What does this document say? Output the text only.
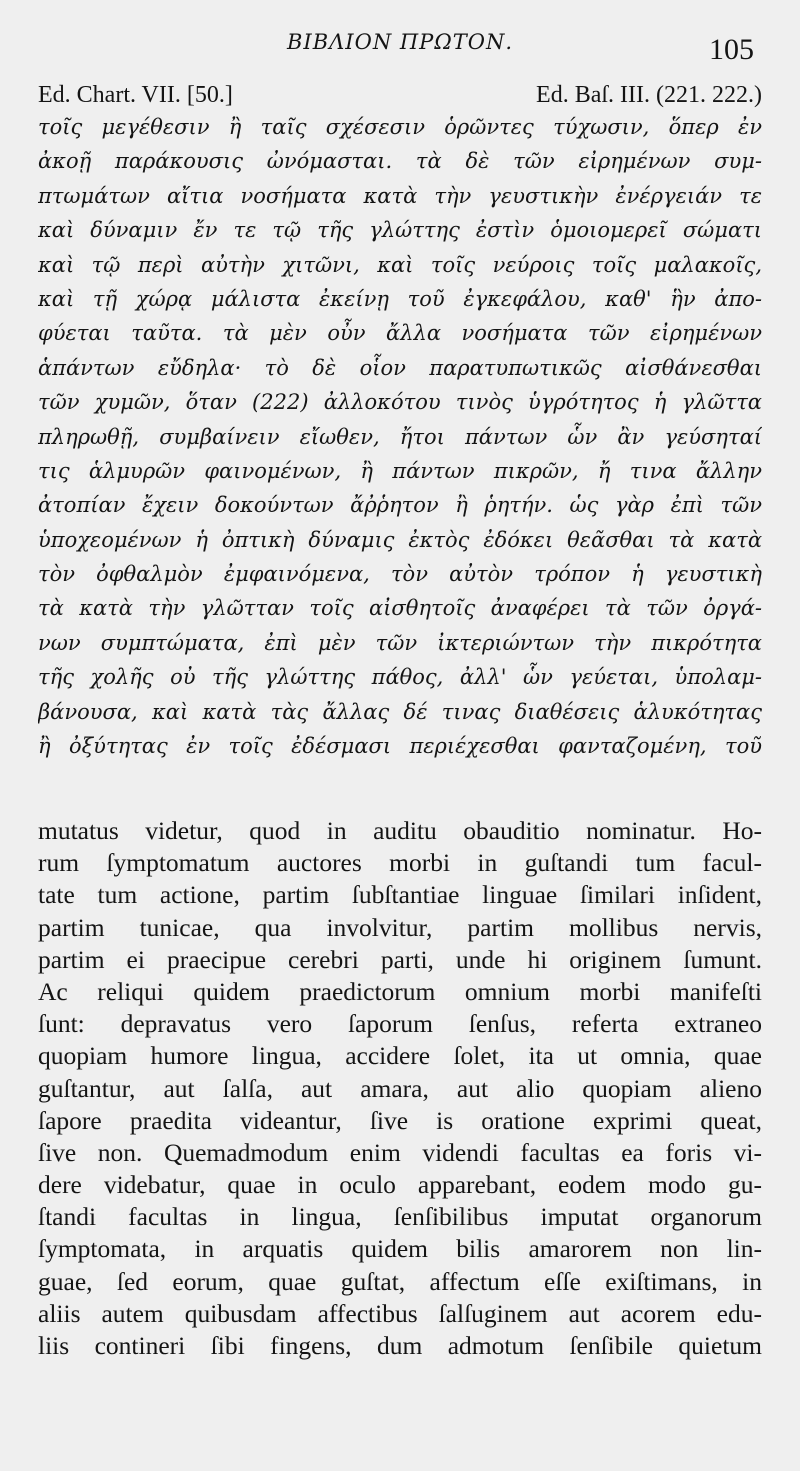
ΒΙΒΛΙΟΝ ΠΡΩΤΟΝ.	105
Ed. Chart. VII. [50.]	Ed. Baſ. III. (221. 222.)
τοῖς μεγέθεσιν ἢ ταῖς σχέσεσιν ὁρῶντες τύχωσιν, ὅπερ ἐν
ἀκοῇ παράκουσις ὠνόμασται. τὰ δὲ τῶν εἰρημένων συμ-
πτωμάτων αἴτια νοσήματα κατὰ τὴν γευστικὴν ἐνέργειάν τε
καὶ δύναμιν ἔν τε τῷ τῆς γλώττης ἐστὶν ὁμοιομερεῖ σώματι
καὶ τῷ περὶ αὐτὴν χιτῶνι, καὶ τοῖς νεύροις τοῖς μαλακοῖς,
καὶ τῇ χώρᾳ μάλιστα ἐκείνῃ τοῦ ἐγκεφάλου, καθ' ἣν ἀπο-
φύεται ταῦτα. τὰ μὲν οὖν ἄλλα νοσήματα τῶν εἰρημένων
ἁπάντων εὔδηλα· τὸ δὲ οἷον παρατυπωτικῶς αἰσθάνεσθαι
τῶν χυμῶν, ὅταν (222) ἀλλοκότου τινὸς ὑγρότητος ἡ γλῶττα
πληρωθῇ, συμβαίνειν εἴωθεν, ἤτοι πάντων ὧν ἂν γεύσηταί
τις ἁλμυρῶν φαινομένων, ἢ πάντων πικρῶν, ἤ τινα ἄλλην
ἀτοπίαν ἔχειν δοκούντων ἄῤῥητον ἢ ῥητήν. ὡς γὰρ ἐπὶ τῶν
ὑποχεομένων ἡ ὀπτικὴ δύναμις ἐκτὸς ἐδόκει θεᾶσθαι τὰ κατὰ
τὸν ὀφθαλμὸν ἐμφαινόμενα, τὸν αὐτὸν τρόπον ἡ γευστικὴ
τὰ κατὰ τὴν γλῶτταν τοῖς αἰσθητοῖς ἀναφέρει τὰ τῶν ὀργά-
νων συμπτώματα, ἐπὶ μὲν τῶν ἰκτεριώντων τὴν πικρότητα
τῆς χολῆς οὐ τῆς γλώττης πάθος, ἀλλ' ὧν γεύεται, ὑπολαμ-
βάνουσα, καὶ κατὰ τὰς ἄλλας δέ τινας διαθέσεις ἁλυκότητας
ἢ ὀξύτητας ἐν τοῖς ἐδέσμασι περιέχεσθαι φανταζομένη, τοῦ
mutatus videtur, quod in auditu obauditio nominatur. Ho-
rum ſymptomatum auctores morbi in guſtandi tum facul-
tate tum actione, partim ſubſtantiae linguae ſimilari inſident,
partim tunicae, qua involvitur, partim mollibus nervis,
partim ei praecipue cerebri parti, unde hi originem ſumunt.
Ac reliqui quidem praedictorum omnium morbi manifeſti
ſunt: depravatus vero ſaporum ſenſus, referta extraneo
quopiam humore lingua, accidere ſolet, ita ut omnia, quae
guſtantur, aut ſalſa, aut amara, aut alio quopiam alieno
ſapore praedita videantur, ſive is oratione exprimi queat,
ſive non. Quemadmodum enim videndi facultas ea foris vi-
dere videbatur, quae in oculo apparebant, eodem modo gu-
ſtandi facultas in lingua, ſenſibilibus imputat organorum
ſymptomata, in arquatis quidem bilis amarorem non lin-
guae, ſed eorum, quae guſtat, affectum eſſe exiſtimans, in
aliis autem quibusdam affectibus ſalſuginem aut acorem edu-
liis contineri ſibi fingens, dum admotum ſenſibile quietum
